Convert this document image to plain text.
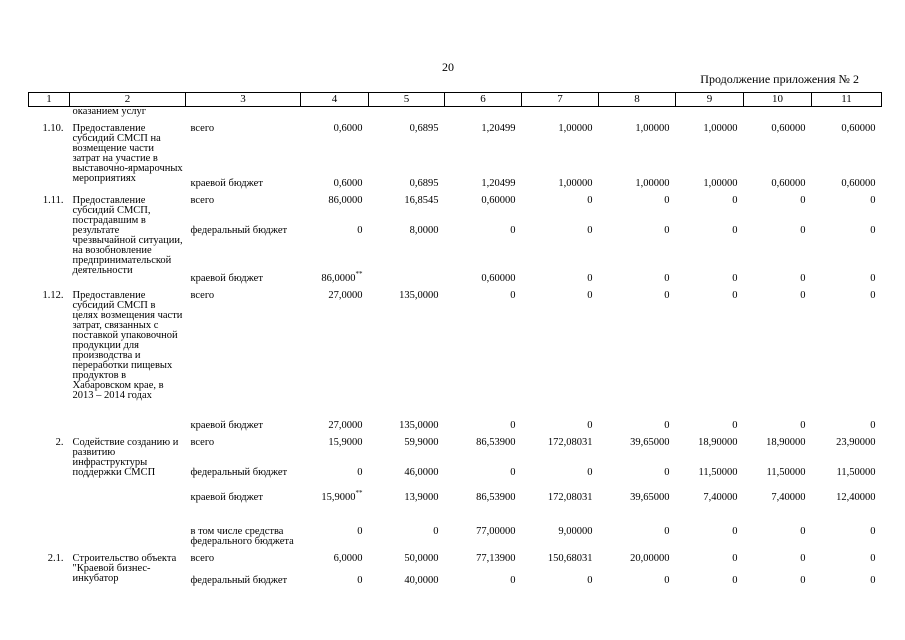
20
Продолжение приложения № 2
1	2	3	4	5	6	7	8	9	10	11
	оказанием услуг									

1.10.	Предоставление субсидий СМСП на возмещение части затрат на участие в выставочно-ярмарочных мероприятиях	всего	0,6000	0,6895	1,20499	1,00000	1,00000	1,00000	0,60000	0,60000
		краевой бюджет	0,6000	0,6895	1,20499	1,00000	1,00000	1,00000	0,60000	0,60000

1.11.	Предоставление субсидий СМСП, пострадавшим в результате чрезвычайной ситуации, на возобновление предпринимательской деятельности	всего	86,0000	16,8545	0,60000	0	0	0	0	0
		федеральный бюджет	0	8,0000	0	0	0	0	0	0
		краевой бюджет	86,0000**		0,60000	0	0	0	0	0

1.12.	Предоставление субсидий СМСП в целях возмещения части затрат, связанных с поставкой упаковочной продукции для производства и переработки пищевых продуктов в Хабаровском крае, в 2013 – 2014 годах	всего	27,0000	135,0000	0	0	0	0	0	0
		краевой бюджет	27,0000	135,0000	0	0	0	0	0	0

2.	Содействие созданию и развитию инфраструктуры поддержки СМСП	всего	15,9000	59,9000	86,53900	172,08031	39,65000	18,90000	18,90000	23,90000
		федеральный бюджет	0	46,0000	0	0	0	11,50000	11,50000	11,50000
		краевой бюджет	15,9000**	13,9000	86,53900	172,08031	39,65000	7,40000	7,40000	12,40000
		в том числе средства федерального бюджета	0	0	77,00000	9,00000	0	0	0	0

2.1.	Строительство объекта "Краевой бизнес-инкубатор	всего	6,0000	50,0000	77,13900	150,68031	20,00000	0	0	0
		федеральный бюджет	0	40,0000	0	0	0	0	0	0
